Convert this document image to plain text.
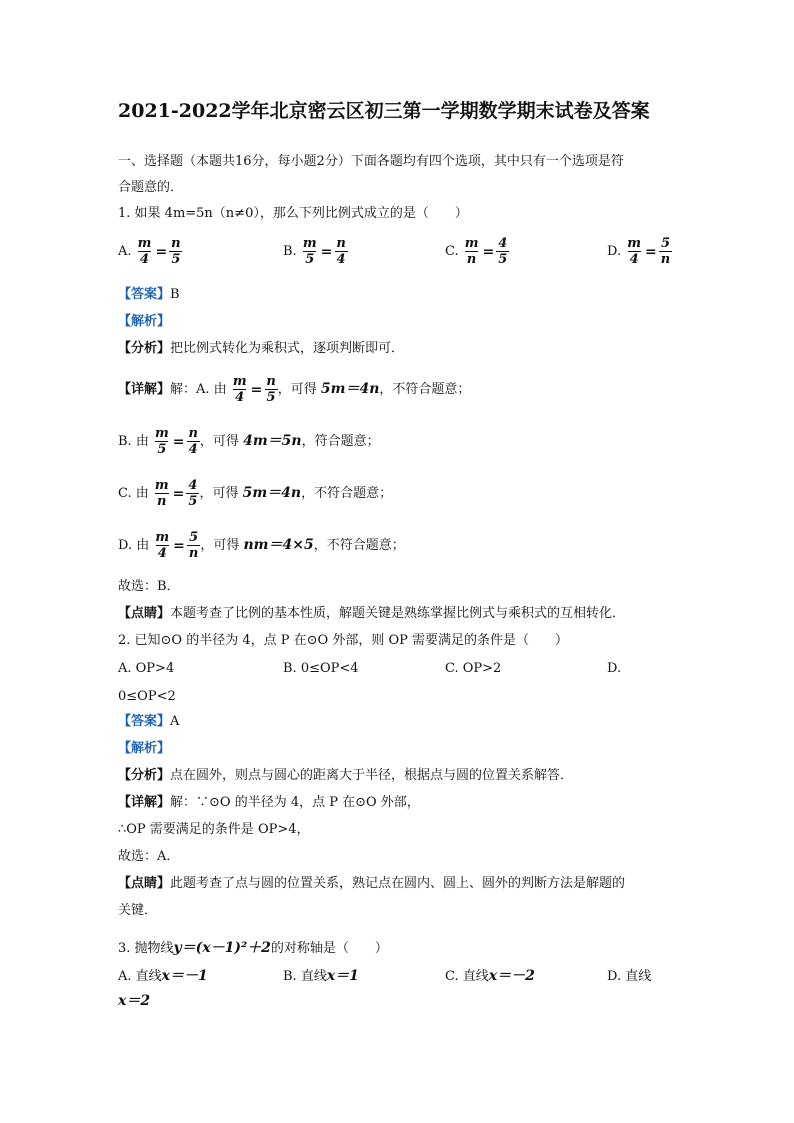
2021-2022学年北京密云区初三第一学期数学期末试卷及答案
一、选择题（本题共16分，每小题2分）下面各题均有四个选项，其中只有一个选项是符
合题意的．
1. 如果 4m=5n（n≠0），那么下列比例式成立的是（　　）
A. $\frac{m}{4} = \frac{n}{5}$	B. $\frac{m}{5} = \frac{n}{4}$	C. $\frac{m}{n} = \frac{4}{5}$	D. $\frac{m}{4} = \frac{5}{n}$
【答案】B
【解析】
【分析】把比例式转化为乘积式，逐项判断即可．
【详解】解：A. 由 $\frac{m}{4} = \frac{n}{5}$ ，可得 5m＝4n，不符合题意；
B. 由 $\frac{m}{5} = \frac{n}{4}$ ，可得 4m＝5n，符合题意；
C. 由 $\frac{m}{n} = \frac{4}{5}$ ，可得 5m＝4n，不符合题意；
D. 由 $\frac{m}{4} = \frac{5}{n}$ ，可得 nm＝4×5，不符合题意；
故选：B．
【点睛】本题考查了比例的基本性质，解题关键是熟练掌握比例式与乘积式的互相转化．
2. 已知⊙O 的半径为 4，点 P 在⊙O 外部，则 OP 需要满足的条件是（　　）
A. OP>4	B. 0≤OP<4	C. OP>2	D.
0≤OP<2
【答案】A
【解析】
【分析】点在圆外，则点与圆心的距离大于半径，根据点与圆的位置关系解答．
【详解】解：∵⊙O 的半径为 4，点 P 在⊙O 外部，
∴OP 需要满足的条件是 OP>4，
故选：A．
【点睛】此题考查了点与圆的位置关系，熟记点在圆内、圆上、圆外的判断方法是解题的
关键．
3. 抛物线y＝(x－1)²＋2的对称轴是（　　）
A. 直线x＝－1	B. 直线x＝1	C. 直线x＝－2	D. 直线
x＝2
